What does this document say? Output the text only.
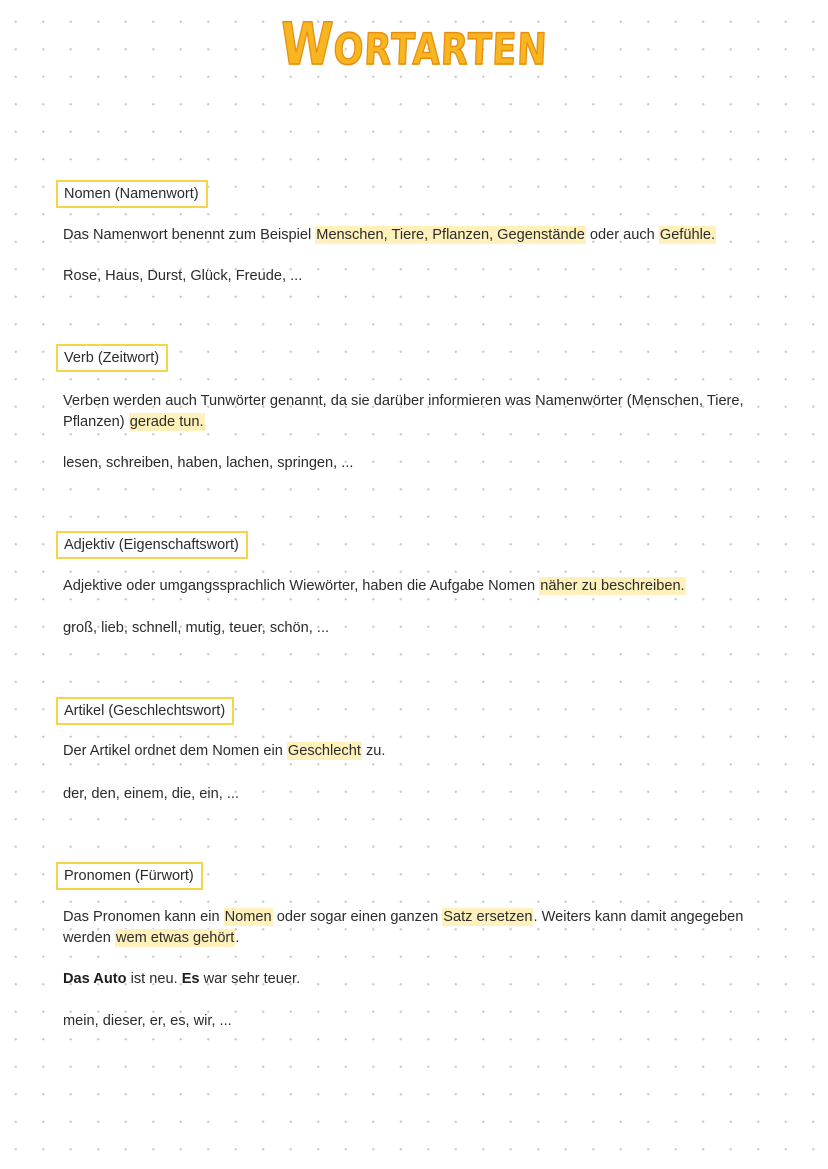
WORTARTEN
Nomen (Namenwort)
Das Namenwort benennt zum Beispiel Menschen, Tiere, Pflanzen, Gegenstände oder auch Gefühle.
Rose, Haus, Durst, Glück, Freude, ...
Verb (Zeitwort)
Verben werden auch Tunwörter genannt, da sie darüber informieren was Namenwörter (Menschen, Tiere, Pflanzen) gerade tun.
lesen, schreiben, haben, lachen, springen, ...
Adjektiv (Eigenschaftswort)
Adjektive oder umgangssprachlich Wiewörter, haben die Aufgabe Nomen näher zu beschreiben.
groß, lieb, schnell, mutig, teuer, schön, ...
Artikel (Geschlechtswort)
Der Artikel ordnet dem Nomen ein Geschlecht zu.
der, den, einem, die, ein, ...
Pronomen (Fürwort)
Das Pronomen kann ein Nomen oder sogar einen ganzen Satz ersetzen. Weiters kann damit angegeben werden wem etwas gehört.
Das Auto ist neu. Es war sehr teuer.
mein, dieser, er, es, wir, ...
